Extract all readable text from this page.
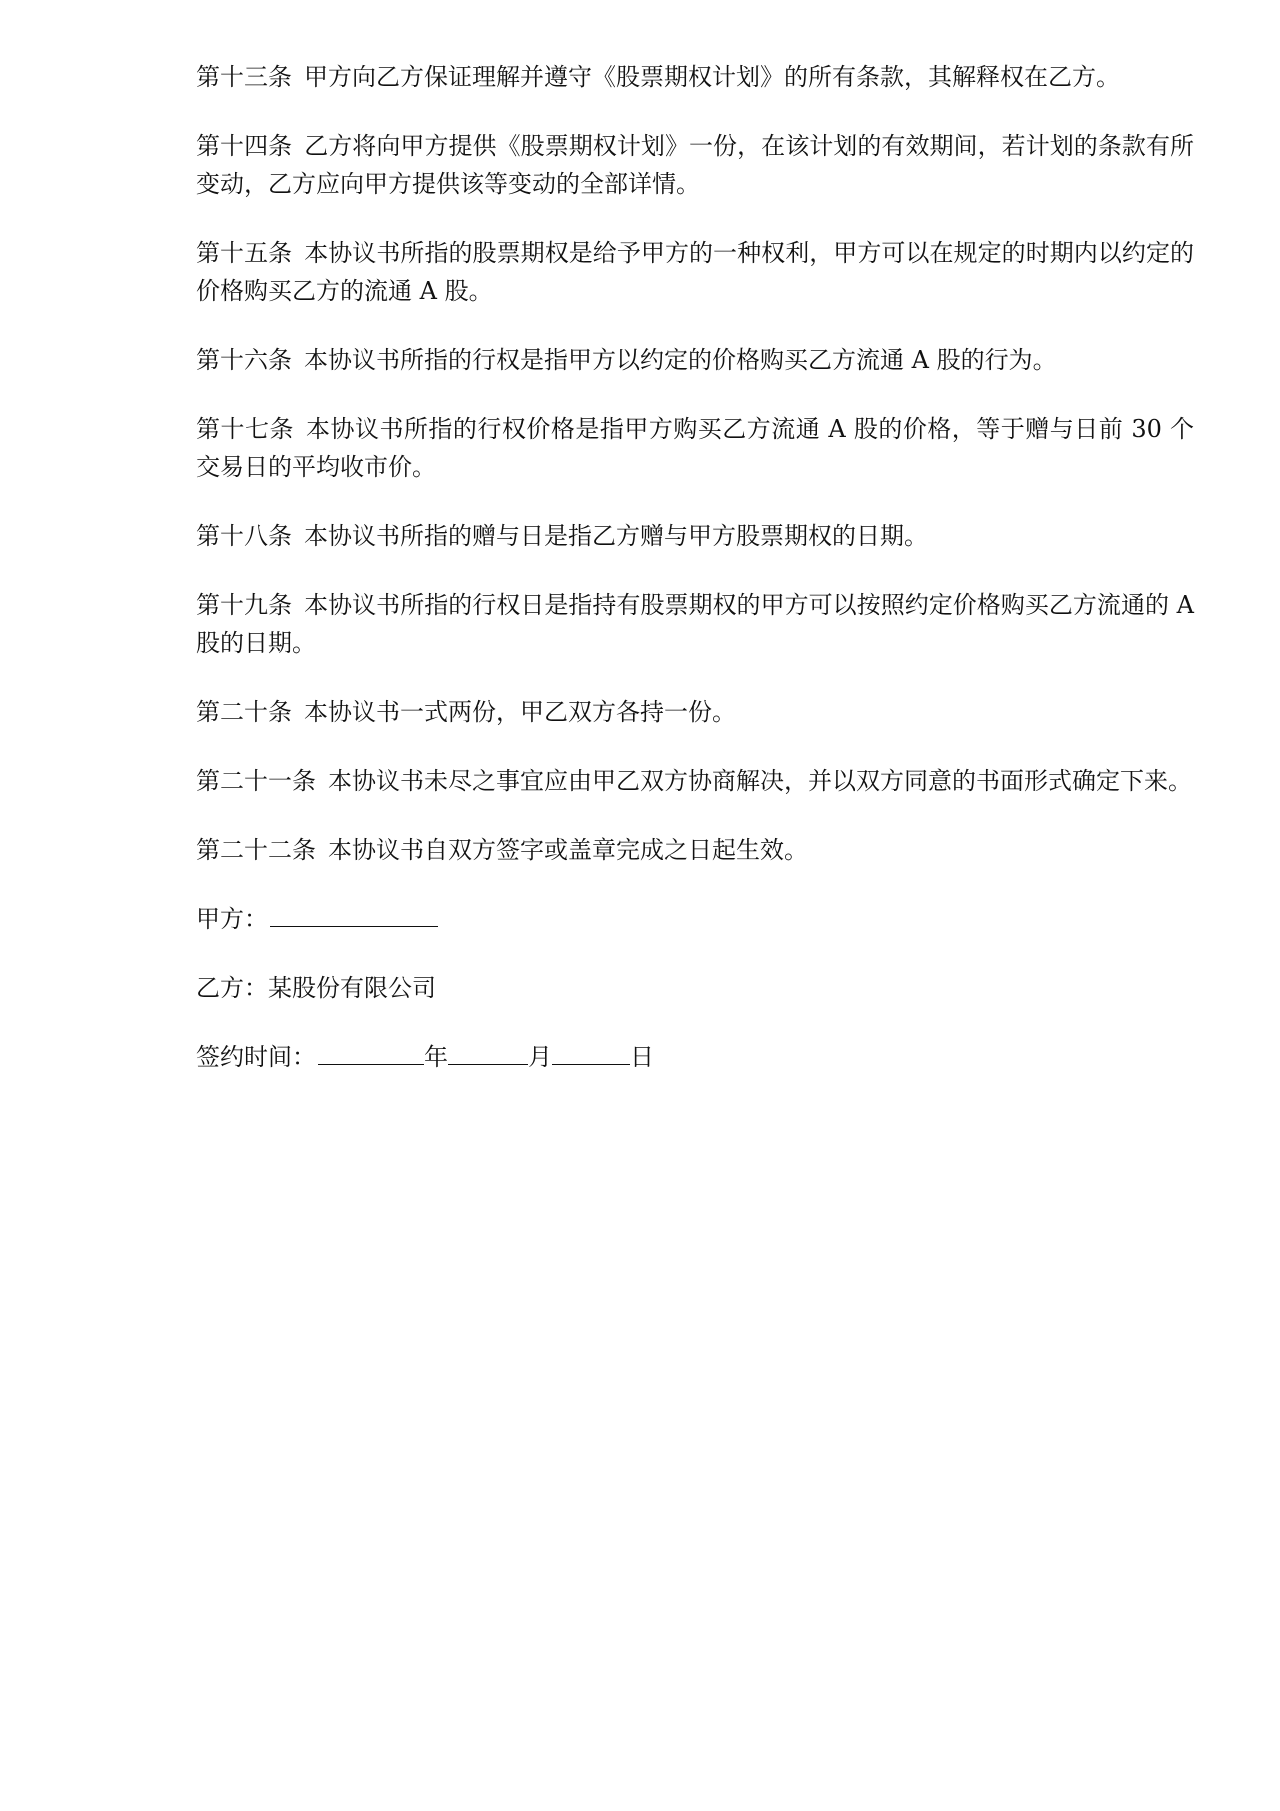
第十三条 甲方向乙方保证理解并遵守《股票期权计划》的所有条款，其解释权在乙方。

第十四条 乙方将向甲方提供《股票期权计划》一份，在该计划的有效期间，若计划的条款有所变动，乙方应向甲方提供该等变动的全部详情。

第十五条 本协议书所指的股票期权是给予甲方的一种权利，甲方可以在规定的时期内以约定的价格购买乙方的流通 A 股。

第十六条 本协议书所指的行权是指甲方以约定的价格购买乙方流通 A 股的行为。

第十七条 本协议书所指的行权价格是指甲方购买乙方流通 A 股的价格，等于赠与日前 30 个交易日的平均收市价。

第十八条 本协议书所指的赠与日是指乙方赠与甲方股票期权的日期。

第十九条 本协议书所指的行权日是指持有股票期权的甲方可以按照约定价格购买乙方流通的 A 股的日期。

第二十条 本协议书一式两份，甲乙双方各持一份。

第二十一条 本协议书未尽之事宜应由甲乙双方协商解决，并以双方同意的书面形式确定下来。

第二十二条 本协议书自双方签字或盖章完成之日起生效。

甲方：

乙方：某股份有限公司

签约时间：	年	月	日
